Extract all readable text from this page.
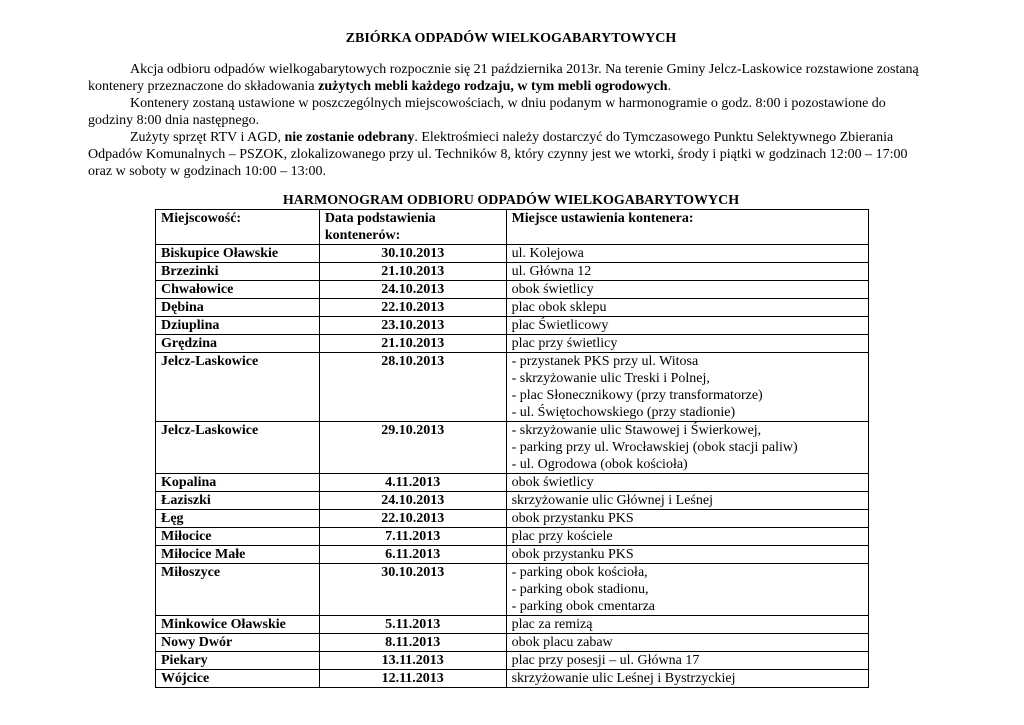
ZBIÓRKA ODPADÓW WIELKOGABARYTOWYCH

Akcja odbioru odpadów wielkogabarytowych rozpocznie się 21 października 2013r. Na terenie Gminy Jelcz-Laskowice rozstawione zostaną kontenery przeznaczone do składowania zużytych mebli każdego rodzaju, w tym mebli ogrodowych.

Kontenery zostaną ustawione w poszczególnych miejscowościach, w dniu podanym w harmonogramie o godz. 8:00 i pozostawione do godziny 8:00 dnia następnego.

Zużyty sprzęt RTV i AGD, nie zostanie odebrany. Elektrośmieci należy dostarczyć do Tymczasowego Punktu Selektywnego Zbierania Odpadów Komunalnych – PSZOK, zlokalizowanego przy ul. Techników 8, który czynny jest we wtorki, środy i piątki w godzinach 12:00 – 17:00 oraz w soboty w godzinach 10:00 – 13:00.

HARMONOGRAM ODBIORU ODPADÓW WIELKOGABARYTOWYCH
Miejscowość:	Data podstawienia kontenerów:	Miejsce ustawienia kontenera:
Biskupice Oławskie	30.10.2013	ul. Kolejowa

Brzezinki	21.10.2013	ul. Główna 12

Chwałowice	24.10.2013	obok świetlicy

Dębina	22.10.2013	plac obok sklepu

Dziuplina	23.10.2013	plac Świetlicowy

Grędzina	21.10.2013	plac przy świetlicy

Jelcz-Laskowice	28.10.2013	- przystanek PKS przy ul. Witosa
- skrzyżowanie ulic Treski i Polnej,
- plac Słonecznikowy (przy transformatorze)
- ul. Świętochowskiego (przy stadionie)

Jelcz-Laskowice	29.10.2013	- skrzyżowanie ulic Stawowej i Świerkowej,
- parking przy ul. Wrocławskiej (obok stacji paliw)
- ul. Ogrodowa (obok kościoła)

Kopalina	4.11.2013	obok świetlicy

Łaziszki	24.10.2013	skrzyżowanie ulic Głównej i Leśnej

Łęg	22.10.2013	obok przystanku PKS

Miłocice	7.11.2013	plac przy kościele

Miłocice Małe	6.11.2013	obok przystanku PKS

Miłoszyce	30.10.2013	- parking obok kościoła,
- parking obok stadionu,
- parking obok cmentarza

Minkowice Oławskie	5.11.2013	plac za remizą

Nowy Dwór	8.11.2013	obok placu zabaw

Piekary	13.11.2013	plac przy posesji – ul. Główna 17

Wójcice	12.11.2013	skrzyżowanie ulic Leśnej i Bystrzyckiej
